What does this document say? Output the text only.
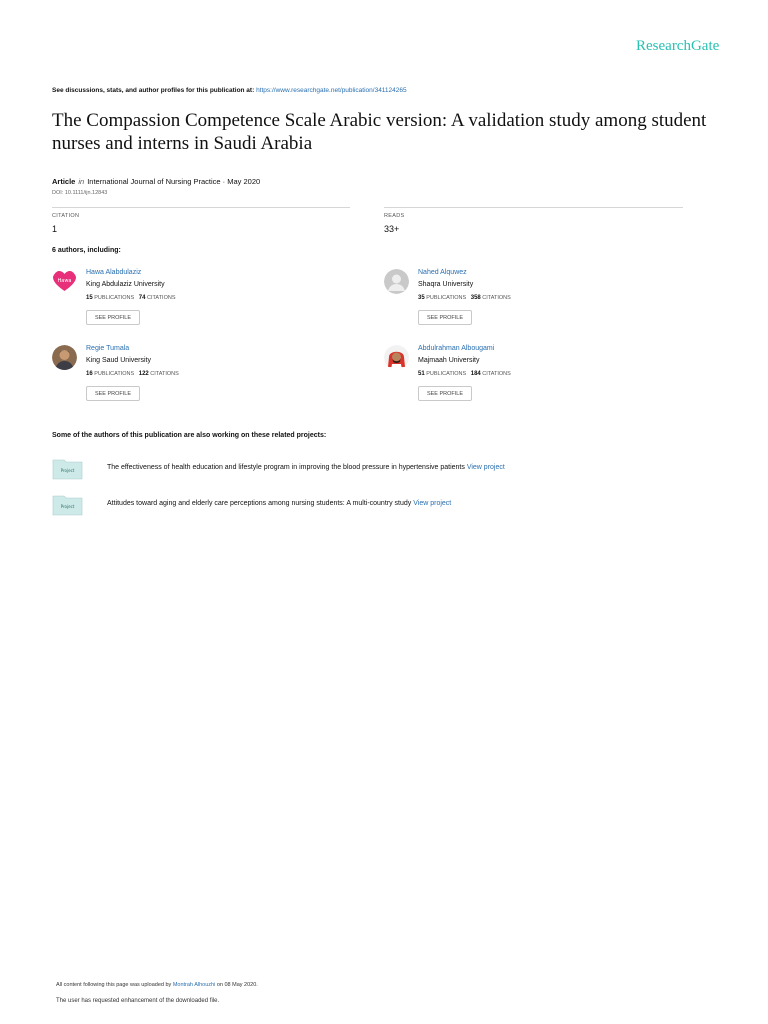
ResearchGate
See discussions, stats, and author profiles for this publication at: https://www.researchgate.net/publication/341124265
The Compassion Competence Scale Arabic version: A validation study among student nurses and interns in Saudi Arabia
Article in International Journal of Nursing Practice · May 2020
DOI: 10.1111/ijn.12843
CITATION
1
READS
33+
6 authors, including:
Hawa
Hawa Alabdulaziz
King Abdulaziz University
15 PUBLICATIONS 74 CITATIONS
SEE PROFILE
Nahed Alquwez
Shaqra University
35 PUBLICATIONS 358 CITATIONS
SEE PROFILE
Regie Tumala
King Saud University
16 PUBLICATIONS 122 CITATIONS
SEE PROFILE
Abdulrahman Albougami
Majmaah University
51 PUBLICATIONS 184 CITATIONS
SEE PROFILE
Some of the authors of this publication are also working on these related projects:
Project	The effectiveness of health education and lifestyle program in improving the blood pressure in hypertensive patients View project
Project	Attitudes toward aging and elderly care perceptions among nursing students: A multi-country study View project
All content following this page was uploaded by Montrah Alhouzhi on 08 May 2020.
The user has requested enhancement of the downloaded file.
